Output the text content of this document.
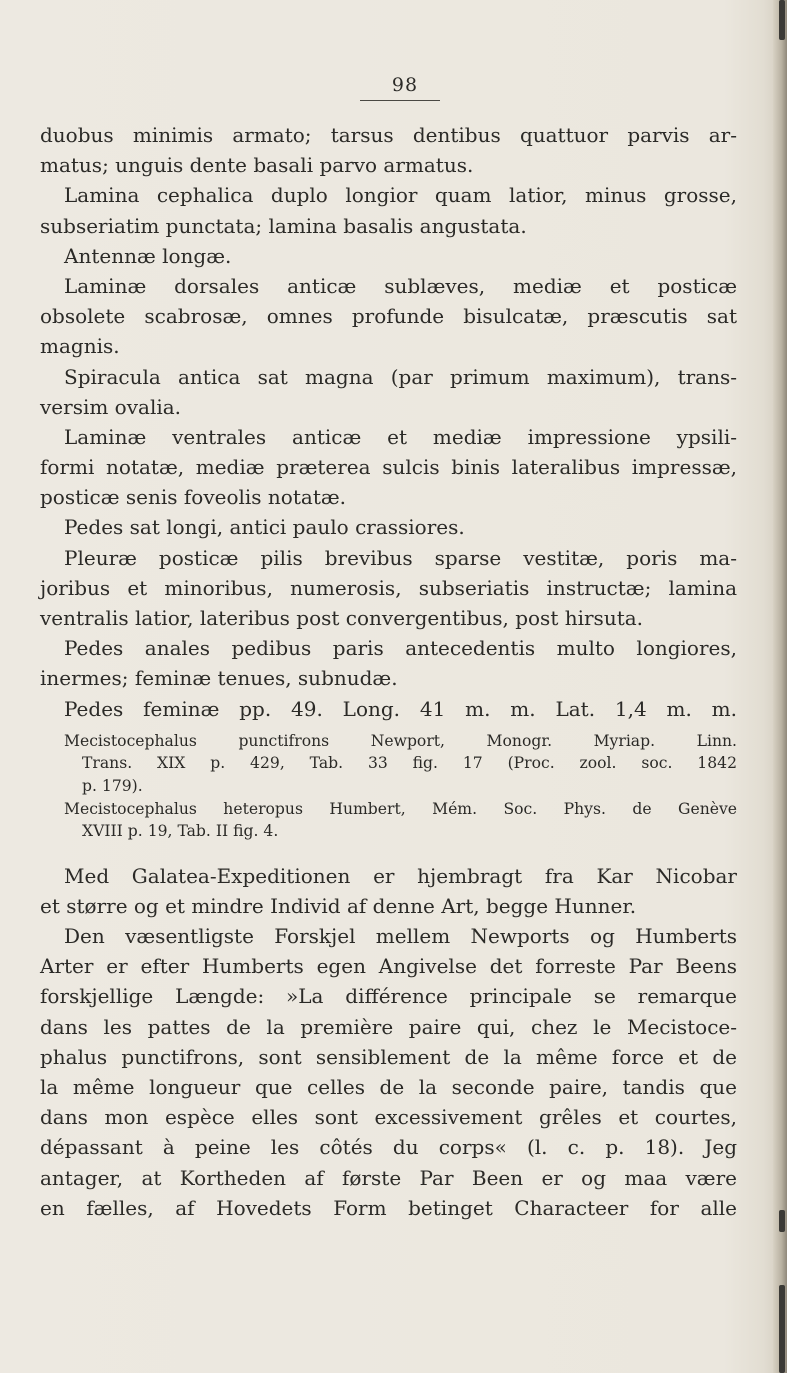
98
duobus minimis armato; tarsus dentibus quattuor parvis ar-
matus; unguis dente basali parvo armatus.
Lamina cephalica duplo longior quam latior, minus grosse,
subseriatim punctata; lamina basalis angustata.
Antennæ longæ.
Laminæ dorsales anticæ sublæves, mediæ et posticæ
obsolete scabrosæ, omnes profunde bisulcatæ, præscutis sat
magnis.
Spiracula antica sat magna (par primum maximum), trans-
versim ovalia.
Laminæ ventrales anticæ et mediæ impressione ypsili-
formi notatæ, mediæ præterea sulcis binis lateralibus impressæ,
posticæ senis foveolis notatæ.
Pedes sat longi, antici paulo crassiores.
Pleuræ posticæ pilis brevibus sparse vestitæ, poris ma-
joribus et minoribus, numerosis, subseriatis instructæ; lamina
ventralis latior, lateribus post convergentibus, post hirsuta.
Pedes anales pedibus paris antecedentis multo longiores,
inermes; feminæ tenues, subnudæ.
Pedes feminæ pp. 49. Long. 41 m. m. Lat. 1,4 m. m.
Mecistocephalus punctifrons Newport, Monogr. Myriap. Linn.
Trans. XIX p. 429, Tab. 33 fig. 17 (Proc. zool. soc. 1842
p. 179).
Mecistocephalus heteropus Humbert, Mém. Soc. Phys. de Genève
XVIII p. 19, Tab. II fig. 4.
Med Galatea-Expeditionen er hjembragt fra Kar Nicobar
et større og et mindre Individ af denne Art, begge Hunner.
Den væsentligste Forskjel mellem Newports og Humberts
Arter er efter Humberts egen Angivelse det forreste Par Beens
forskjellige Længde: »La différence principale se remarque
dans les pattes de la première paire qui, chez le Mecistoce-
phalus punctifrons, sont sensiblement de la même force et de
la même longueur que celles de la seconde paire, tandis que
dans mon espèce elles sont excessivement grêles et courtes,
dépassant à peine les côtés du corps« (l. c. p. 18). Jeg
antager, at Kortheden af første Par Been er og maa være
en fælles, af Hovedets Form betinget Characteer for alle
